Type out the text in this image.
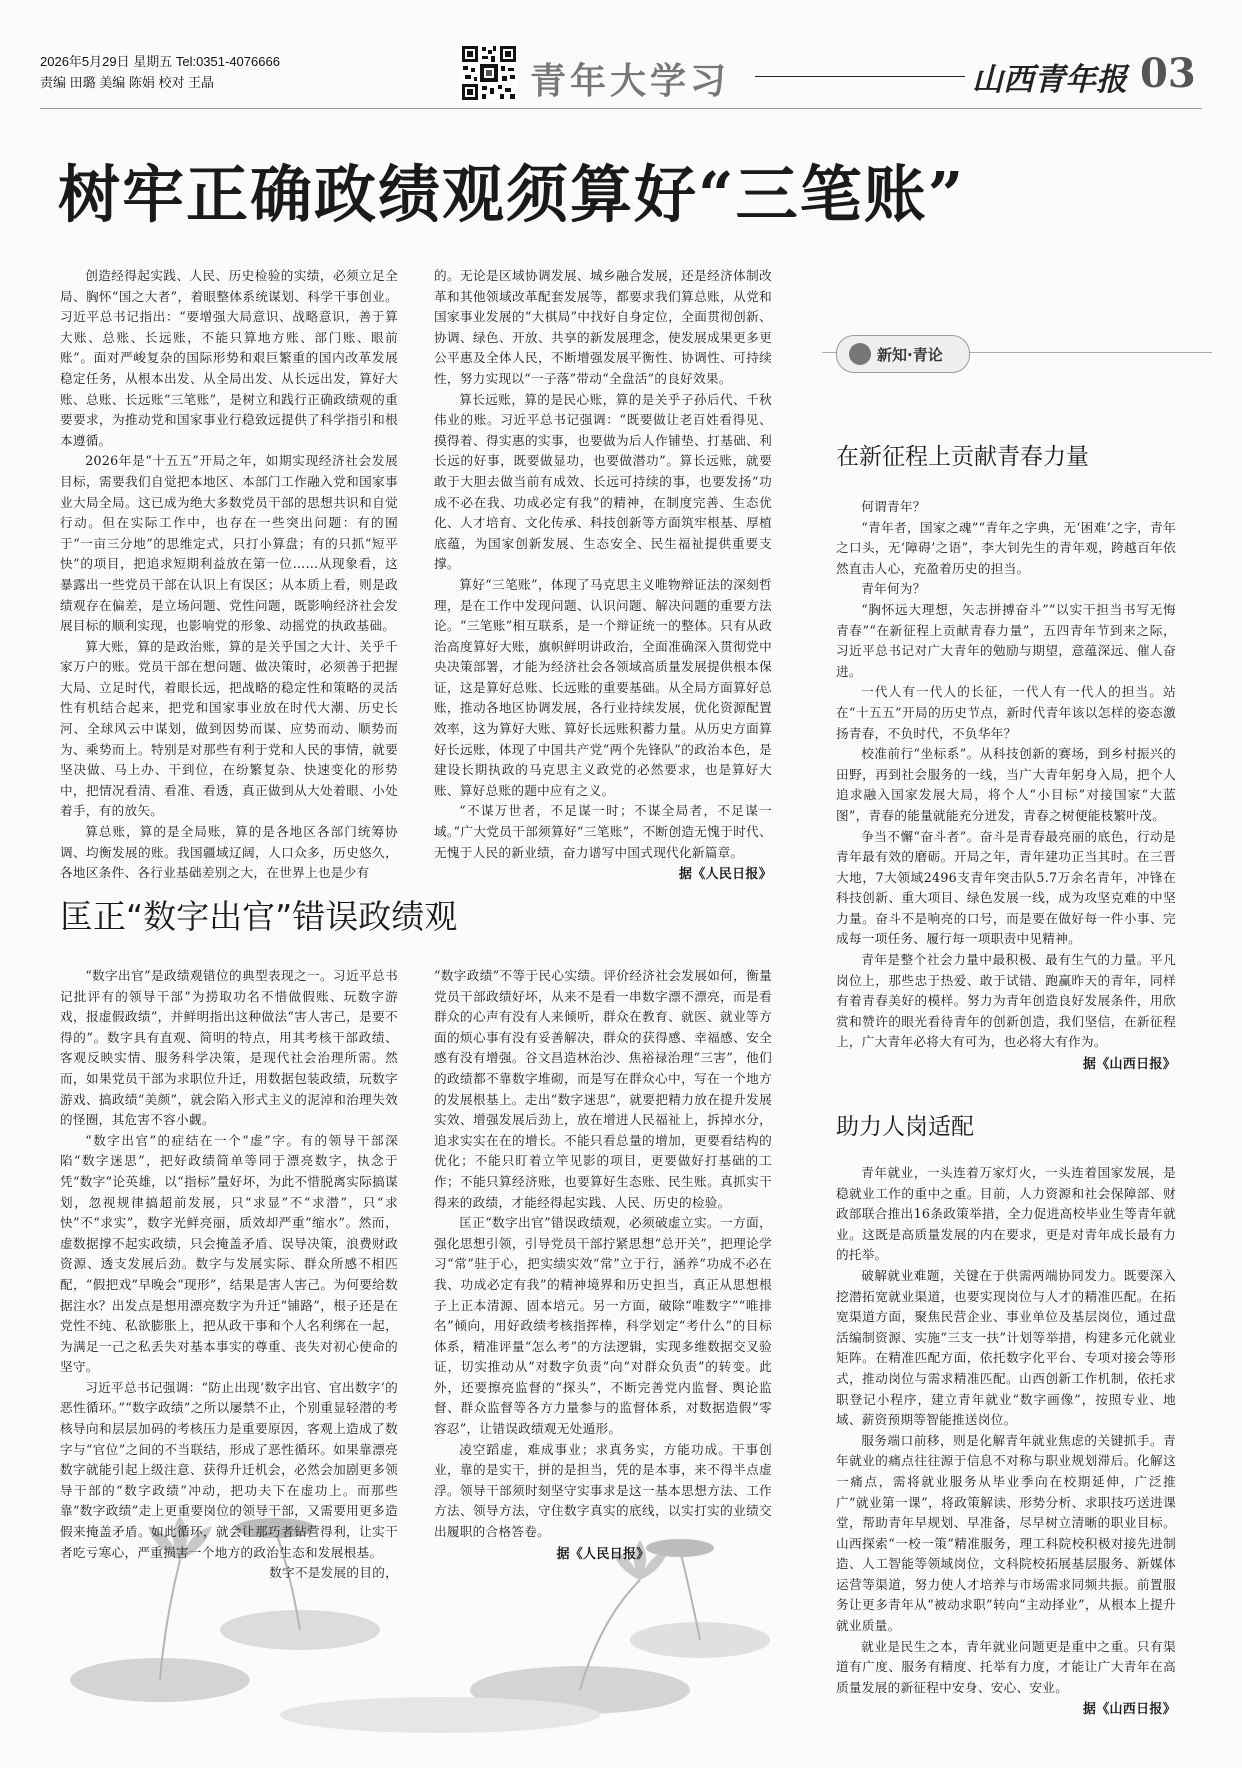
2026年5月29日 星期五 Tel:0351-4076666
责编 田璐 美编 陈娟 校对 王晶	青年大学习	山西青年报 03
树牢正确政绩观须算好“三笔账”

创造经得起实践、人民、历史检验的实绩，必须立足全局、胸怀“国之大者”，着眼整体系统谋划、科学干事创业。习近平总书记指出：“要增强大局意识、战略意识，善于算大账、总账、长远账，不能只算地方账、部门账、眼前账”。面对严峻复杂的国际形势和艰巨繁重的国内改革发展稳定任务，从根本出发、从全局出发、从长远出发，算好大账、总账、长远账“三笔账”，是树立和践行正确政绩观的重要要求，为推动党和国家事业行稳致远提供了科学指引和根本遵循。

2026年是“十五五”开局之年，如期实现经济社会发展目标，需要我们自觉把本地区、本部门工作融入党和国家事业大局全局。这已成为绝大多数党员干部的思想共识和自觉行动。但在实际工作中，也存在一些突出问题：有的囿于“一亩三分地”的思维定式，只打小算盘；有的只抓“短平快”的项目，把追求短期利益放在第一位……从现象看，这暴露出一些党员干部在认识上有误区；从本质上看，则是政绩观存在偏差，是立场问题、党性问题，既影响经济社会发展目标的顺利实现，也影响党的形象、动摇党的执政基础。

算大账，算的是政治账，算的是关乎国之大计、关乎千家万户的账。党员干部在想问题、做决策时，必须善于把握大局、立足时代，着眼长远，把战略的稳定性和策略的灵活性有机结合起来，把党和国家事业放在时代大潮、历史长河、全球风云中谋划，做到因势而谋、应势而动、顺势而为、乘势而上。特别是对那些有利于党和人民的事情，就要坚决做、马上办、干到位，在纷繁复杂、快速变化的形势中，把情况看清、看准、看透，真正做到从大处着眼、小处着手，有的放矢。

算总账，算的是全局账，算的是各地区各部门统筹协调、均衡发展的账。我国疆域辽阔，人口众多，历史悠久，各地区条件、各行业基础差别之大，在世界上也是少有

的。无论是区域协调发展、城乡融合发展，还是经济体制改革和其他领域改革配套发展等，都要求我们算总账，从党和国家事业发展的“大棋局”中找好自身定位，全面贯彻创新、协调、绿色、开放、共享的新发展理念，使发展成果更多更公平惠及全体人民，不断增强发展平衡性、协调性、可持续性，努力实现以“一子落”带动“全盘活”的良好效果。

算长远账，算的是民心账，算的是关乎子孙后代、千秋伟业的账。习近平总书记强调：“既要做让老百姓看得见、摸得着、得实惠的实事，也要做为后人作铺垫、打基础、利长远的好事，既要做显功，也要做潜功”。算长远账，就要敢于大胆去做当前有成效、长远可持续的事，也要发扬“功成不必在我、功成必定有我”的精神，在制度完善、生态优化、人才培育、文化传承、科技创新等方面筑牢根基、厚植底蕴，为国家创新发展、生态安全、民生福祉提供重要支撑。

算好“三笔账”，体现了马克思主义唯物辩证法的深刻哲理，是在工作中发现问题、认识问题、解决问题的重要方法论。“三笔账”相互联系，是一个辩证统一的整体。只有从政治高度算好大账，旗帜鲜明讲政治，全面准确深入贯彻党中央决策部署，才能为经济社会各领域高质量发展提供根本保证，这是算好总账、长远账的重要基础。从全局方面算好总账，推动各地区协调发展，各行业持续发展，优化资源配置效率，这为算好大账、算好长远账积蓄力量。从历史方面算好长远账，体现了中国共产党“两个先锋队”的政治本色，是建设长期执政的马克思主义政党的必然要求，也是算好大账、算好总账的题中应有之义。

“不谋万世者，不足谋一时；不谋全局者，不足谋一域。”广大党员干部须算好“三笔账”，不断创造无愧于时代、无愧于人民的新业绩，奋力谱写中国式现代化新篇章。

据《人民日报》
匡正“数字出官”错误政绩观

“数字出官”是政绩观错位的典型表现之一。习近平总书记批评有的领导干部“为捞取功名不惜做假账、玩数字游戏，报虚假政绩”，并鲜明指出这种做法“害人害己，是要不得的”。数字具有直观、简明的特点，用其考核干部政绩、客观反映实情、服务科学决策，是现代社会治理所需。然而，如果党员干部为求职位升迁，用数据包装政绩，玩数字游戏、搞政绩“美颜”，就会陷入形式主义的泥淖和治理失效的怪圈，其危害不容小觑。

“数字出官”的症结在一个“虚”字。有的领导干部深陷“数字迷思”，把好政绩简单等同于漂亮数字，执念于凭“数字”论英雄，以“指标”量好坏，为此不惜脱离实际搞谋划，忽视规律搞超前发展，只“求显”不“求潜”，只“求快”不“求实”，数字光鲜亮丽，质效却严重“缩水”。然而，虚数据撑不起实政绩，只会掩盖矛盾、误导决策，浪费财政资源、透支发展后劲。数字与发展实际、群众所感不相匹配，“假把戏”早晚会“现形”，结果是害人害己。为何要给数据注水？出发点是想用漂亮数字为升迁“铺路”，根子还是在党性不纯、私欲膨胀上，把从政干事和个人名利绑在一起，为满足一己之私丢失对基本事实的尊重、丧失对初心使命的坚守。

习近平总书记强调：“防止出现‘数字出官、官出数字’的恶性循环。”“数字政绩”之所以屡禁不止，个别重显轻潜的考核导向和层层加码的考核压力是重要原因，客观上造成了数字与“官位”之间的不当联结，形成了恶性循环。如果靠漂亮数字就能引起上级注意、获得升迁机会，必然会加剧更多领导干部的“数字政绩”冲动，把功夫下在虚功上。而那些靠“数字政绩”走上更重要岗位的领导干部，又需要用更多造假来掩盖矛盾。如此循环，就会让那巧者钻营得利，让实干者吃亏寒心，严重损害一个地方的政治生态和发展根基。

数字不是发展的目的，

“数字政绩”不等于民心实绩。评价经济社会发展如何，衡量党员干部政绩好坏，从来不是看一串数字漂不漂亮，而是看群众的心声有没有人来倾听，群众在教育、就医、就业等方面的烦心事有没有妥善解决，群众的获得感、幸福感、安全感有没有增强。谷文昌造林治沙、焦裕禄治理“三害”，他们的政绩都不靠数字堆砌，而是写在群众心中，写在一个地方的发展根基上。走出“数字迷思”，就要把精力放在提升发展实效、增强发展后劲上，放在增进人民福祉上，拆掉水分，追求实实在在的增长。不能只看总量的增加，更要看结构的优化；不能只盯着立竿见影的项目，更要做好打基础的工作；不能只算经济账，也要算好生态账、民生账。真抓实干得来的政绩，才能经得起实践、人民、历史的检验。

匡正“数字出官”错误政绩观，必须破虚立实。一方面，强化思想引领，引导党员干部拧紧思想“总开关”，把理论学习“常”驻于心，把实绩实效“常”立于行，涵养“功成不必在我、功成必定有我”的精神境界和历史担当，真正从思想根子上正本清源、固本培元。另一方面，破除“唯数字”“唯排名”倾向，用好政绩考核指挥棒，科学划定“考什么”的目标体系，精准评量“怎么考”的方法逻辑，实现多维数据交叉验证，切实推动从“对数字负责”向“对群众负责”的转变。此外，还要擦亮监督的“探头”，不断完善党内监督、舆论监督、群众监督等各方力量参与的监督体系，对数据造假“零容忍”，让错误政绩观无处遁形。

凌空蹈虚，难成事业；求真务实，方能功成。干事创业，靠的是实干，拼的是担当，凭的是本事，来不得半点虚浮。领导干部须时刻坚守实事求是这一基本思想方法、工作方法、领导方法，守住数字真实的底线，以实打实的业绩交出履职的合格答卷。

据《人民日报》
新知·青论
在新征程上贡献青春力量

何谓青年？

“青年者，国家之魂”“青年之字典，无‘困难’之字，青年之口头，无‘障碍’之语”，李大钊先生的青年观，跨越百年依然直击人心，充盈着历史的担当。

青年何为？

“胸怀远大理想，矢志拼搏奋斗”“以实干担当书写无悔青春”“在新征程上贡献青春力量”，五四青年节到来之际，习近平总书记对广大青年的勉励与期望，意蕴深远、催人奋进。

一代人有一代人的长征，一代人有一代人的担当。站在“十五五”开局的历史节点，新时代青年该以怎样的姿态激扬青春，不负时代，不负华年？

校准前行“坐标系”。从科技创新的赛场，到乡村振兴的田野，再到社会服务的一线，当广大青年躬身入局，把个人追求融入国家发展大局，将个人“小目标”对接国家“大蓝图”，青春的能量就能充分迸发，青春之树便能枝繁叶茂。

争当不懈“奋斗者”。奋斗是青春最亮丽的底色，行动是青年最有效的磨砺。开局之年，青年建功正当其时。在三晋大地，7大领域2496支青年突击队5.7万余名青年，冲锋在科技创新、重大项目、绿色发展一线，成为攻坚克难的中坚力量。奋斗不是响亮的口号，而是要在做好每一件小事、完成每一项任务、履行每一项职责中见精神。

青年是整个社会力量中最积极、最有生气的力量。平凡岗位上，那些忠于热爱、敢于试错、跑赢昨天的青年，同样有着青春美好的模样。努力为青年创造良好发展条件，用欣赏和赞许的眼光看待青年的创新创造，我们坚信，在新征程上，广大青年必将大有可为，也必将大有作为。

据《山西日报》
助力人岗适配

青年就业，一头连着万家灯火，一头连着国家发展，是稳就业工作的重中之重。目前，人力资源和社会保障部、财政部联合推出16条政策举措，全力促进高校毕业生等青年就业。这既是高质量发展的内在要求，更是对青年成长最有力的托举。

破解就业难题，关键在于供需两端协同发力。既要深入挖潜拓宽就业渠道，也要实现岗位与人才的精准匹配。在拓宽渠道方面，聚焦民营企业、事业单位及基层岗位，通过盘活编制资源、实施“三支一扶”计划等举措，构建多元化就业矩阵。在精准匹配方面，依托数字化平台、专项对接会等形式，推动岗位与需求精准匹配。山西创新工作机制，依托求职登记小程序，建立青年就业“数字画像”，按照专业、地域、薪资预期等智能推送岗位。

服务端口前移，则是化解青年就业焦虑的关键抓手。青年就业的痛点往往源于信息不对称与职业规划滞后。化解这一痛点，需将就业服务从毕业季向在校期延伸，广泛推广“就业第一课”，将政策解读、形势分析、求职技巧送进课堂，帮助青年早规划、早准备，尽早树立清晰的职业目标。山西探索“一校一策”精准服务，理工科院校积极对接先进制造、人工智能等领域岗位，文科院校拓展基层服务、新媒体运营等渠道，努力使人才培养与市场需求同频共振。前置服务让更多青年从“被动求职”转向“主动择业”，从根本上提升就业质量。

就业是民生之本，青年就业问题更是重中之重。只有渠道有广度、服务有精度、托举有力度，才能让广大青年在高质量发展的新征程中安身、安心、安业。

据《山西日报》
